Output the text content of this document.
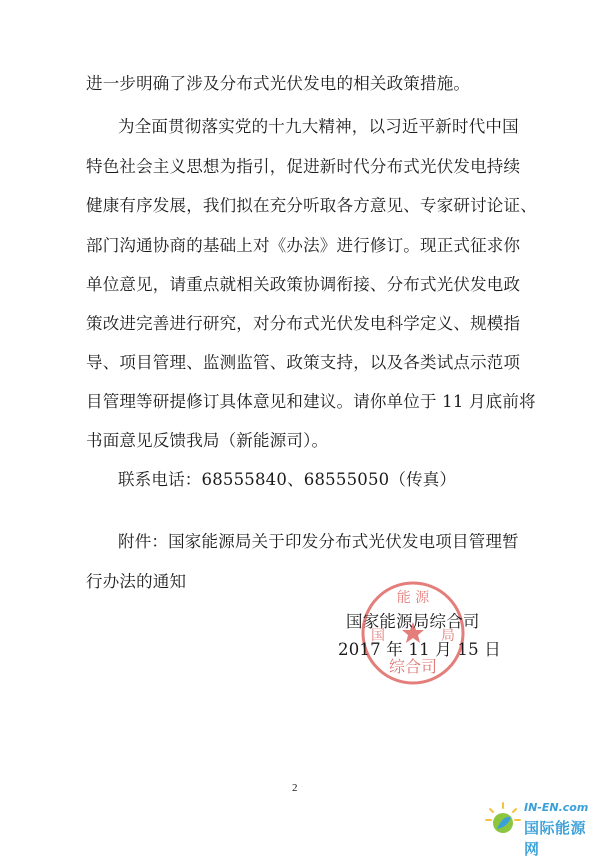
进一步明确了涉及分布式光伏发电的相关政策措施。
为全面贯彻落实党的十九大精神，以习近平新时代中国
特色社会主义思想为指引，促进新时代分布式光伏发电持续
健康有序发展，我们拟在充分听取各方意见、专家研讨论证、
部门沟通协商的基础上对《办法》进行修订。现正式征求你
单位意见，请重点就相关政策协调衔接、分布式光伏发电政
策改进完善进行研究，对分布式光伏发电科学定义、规模指
导、项目管理、监测监管、政策支持，以及各类试点示范项
目管理等研提修订具体意见和建议。请你单位于 11 月底前将
书面意见反馈我局（新能源司）。
联系电话：68555840、68555050（传真）
附件：国家能源局关于印发分布式光伏发电项目管理暂
行办法的通知
能 源
国	局
综合司
国家能源局综合司
2017 年 11 月 15 日
2
IN-EN.com
国际能源网
